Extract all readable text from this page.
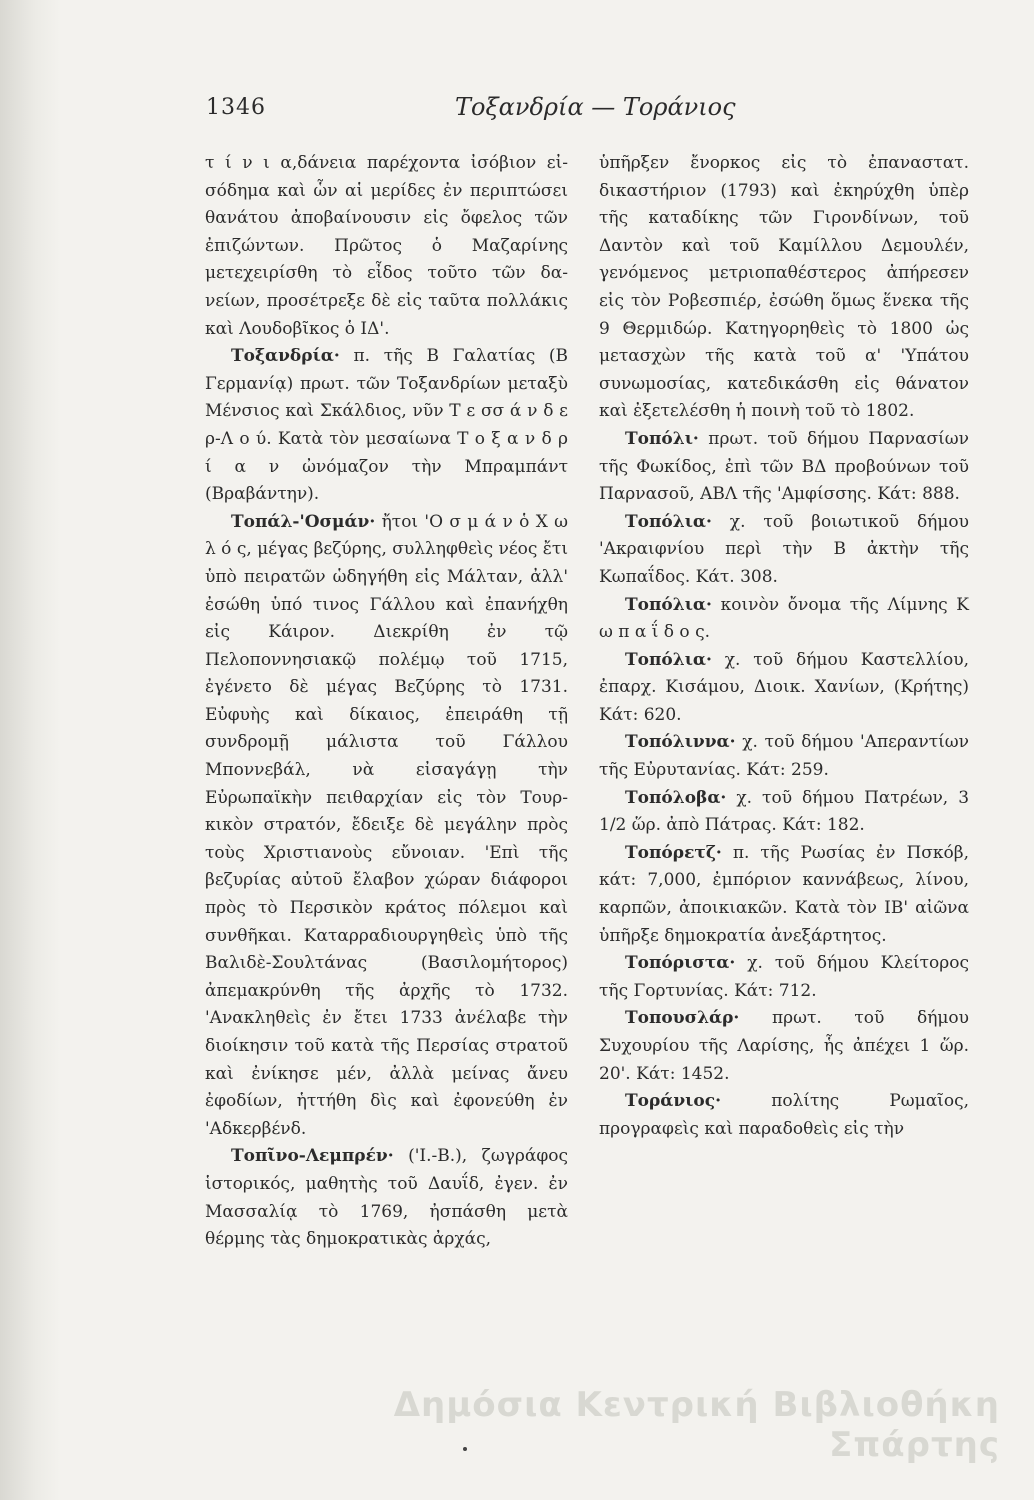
1346	Τοξανδρία — Τοράνιος

τ ί ν ι α,δάνεια παρέχοντα ἰσόβιον εἰσόδημα καὶ ὧν αἱ μερίδες ἐν περιπτώσει θανάτου ἀποβαίνουσιν εἰς ὄφελος τῶν ἐπιζώντων. Πρῶτος ὁ Μαζαρίνης μετεχειρίσθη τὸ εἶδος τοῦτο τῶν δανείων, προσέτρεξε δὲ εἰς ταῦτα πολλάκις καὶ Λουδοβῖκος ὁ ΙΔ'.

Τοξανδρία· π. τῆς Β Γαλατίας (Β Γερμανίᾳ) πρωτ. τῶν Τοξανδρίων μεταξὺ Μένσιος καὶ Σκάλδιος, νῦν Τ ε σσ ά ν δ ε ρ-Λ ο ύ. Κατὰ τὸν μεσαίωνα Τ ο ξ α ν δ ρ ί α ν ὠνόμαζον τὴν Μπραμπάντ (Βραβάντην).

Τοπάλ-'Οσμάν· ἤτοι 'Ο σ μ ά ν ὁ Χ ω λ ό ς, μέγας βεζύρης, συλληφθεὶς νέος ἔτι ὑπὸ πειρατῶν ὡδηγήθη εἰς Μάλταν, ἀλλ' ἐσώθη ὑπό τινος Γάλλου καὶ ἐπανήχθη εἰς Κάιρον. Διεκρίθη ἐν τῷ Πελοποννησιακῷ πολέμῳ τοῦ 1715, ἐγένετο δὲ μέγας Βεζύρης τὸ 1731. Εὐφυὴς καὶ δίκαιος, ἐπειράθη τῇ συνδρομῇ μάλιστα τοῦ Γάλλου Μποννεβάλ, νὰ εἰσαγάγῃ τὴν Εὐρωπαϊκὴν πειθαρχίαν εἰς τὸν Τουρκικὸν στρατόν, ἔδειξε δὲ μεγάλην πρὸς τοὺς Χριστιανοὺς εὔνοιαν. 'Επὶ τῆς βεζυρίας αὐτοῦ ἔλαβον χώραν διάφοροι πρὸς τὸ Περσικὸν κράτος πόλεμοι καὶ συνθῆκαι. Καταρραδιουργηθεὶς ὑπὸ τῆς Βαλιδὲ-Σουλτάνας (Βασιλομήτορος) ἀπεμακρύνθη τῆς ἀρχῆς τὸ 1732. 'Ανακληθεὶς ἐν ἔτει 1733 ἀνέλαβε τὴν διοίκησιν τοῦ κατὰ τῆς Περσίας στρατοῦ καὶ ἐνίκησε μέν, ἀλλὰ μείνας ἄνευ ἐφοδίων, ἡττήθη δὶς καὶ ἐφονεύθη ἐν 'Αδκερβένδ.

Τοπῖνο-Λεμπρέν· ('Ι.-Β.), ζωγράφος ἱστορικός, μαθητὴς τοῦ Δαυΐδ, ἐγεν. ἐν Μασσαλίᾳ τὸ 1769, ἠσπάσθη μετὰ θέρμης τὰς δημοκρατικὰς ἀρχάς,

ὑπῆρξεν ἔνορκος εἰς τὸ ἐπαναστατ. δικαστήριον (1793) καὶ ἐκηρύχθη ὑπὲρ τῆς καταδίκης τῶν Γιρονδίνων, τοῦ Δαντὸν καὶ τοῦ Καμίλλου Δεμουλέν, γενόμενος μετριοπαθέστερος ἀπήρεσεν εἰς τὸν Ροβεσπιέρ, ἐσώθη ὅμως ἕνεκα τῆς 9 Θερμιδώρ. Κατηγορηθεὶς τὸ 1800 ὡς μετασχὼν τῆς κατὰ τοῦ α' 'Υπάτου συνωμοσίας, κατεδικάσθη εἰς θάνατον καὶ ἐξετελέσθη ἡ ποινὴ τοῦ τὸ 1802.

Τοπόλι· πρωτ. τοῦ δήμου Παρνασίων τῆς Φωκίδος, ἐπὶ τῶν ΒΔ προβούνων τοῦ Παρνασοῦ, ΑΒΛ τῆς 'Αμφίσσης. Κάτ: 888.

Τοπόλια· χ. τοῦ βοιωτικοῦ δήμου 'Ακραιφνίου περὶ τὴν Β ἀκτὴν τῆς Κωπαΐδος. Κάτ. 308.

Τοπόλια· κοινὸν ὄνομα τῆς Λίμνης Κ ω π α ΐ δ ο ς.

Τοπόλια· χ. τοῦ δήμου Καστελλίου, ἐπαρχ. Κισάμου, Διοικ. Χανίων, (Κρήτης) Κάτ: 620.

Τοπόλιννα· χ. τοῦ δήμου 'Απεραντίων τῆς Εὐρυτανίας. Κάτ: 259.

Τοπόλοβα· χ. τοῦ δήμου Πατρέων, 3 1/2 ὥρ. ἀπὸ Πάτρας. Κάτ: 182.

Τοπόρετζ· π. τῆς Ρωσίας ἐν Πσκόβ, κάτ: 7,000, ἐμπόριον καννάβεως, λίνου, καρπῶν, ἀποικιακῶν. Κατὰ τὸν ΙΒ' αἰῶνα ὑπῆρξε δημοκρατία ἀνεξάρτητος.

Τοπόριστα· χ. τοῦ δήμου Κλείτορος τῆς Γορτυνίας. Κάτ: 712.

Τοπουσλάρ· πρωτ. τοῦ δήμου Συχουρίου τῆς Λαρίσης, ἧς ἀπέχει 1 ὥρ. 20'. Κάτ: 1452.

Τοράνιος·	πολίτης Ρωμαῖος, προγραφεὶς καὶ παραδοθεὶς εἰς τὴν

Δημόσια Κεντρική Βιβλιοθήκη Σπάρτης
